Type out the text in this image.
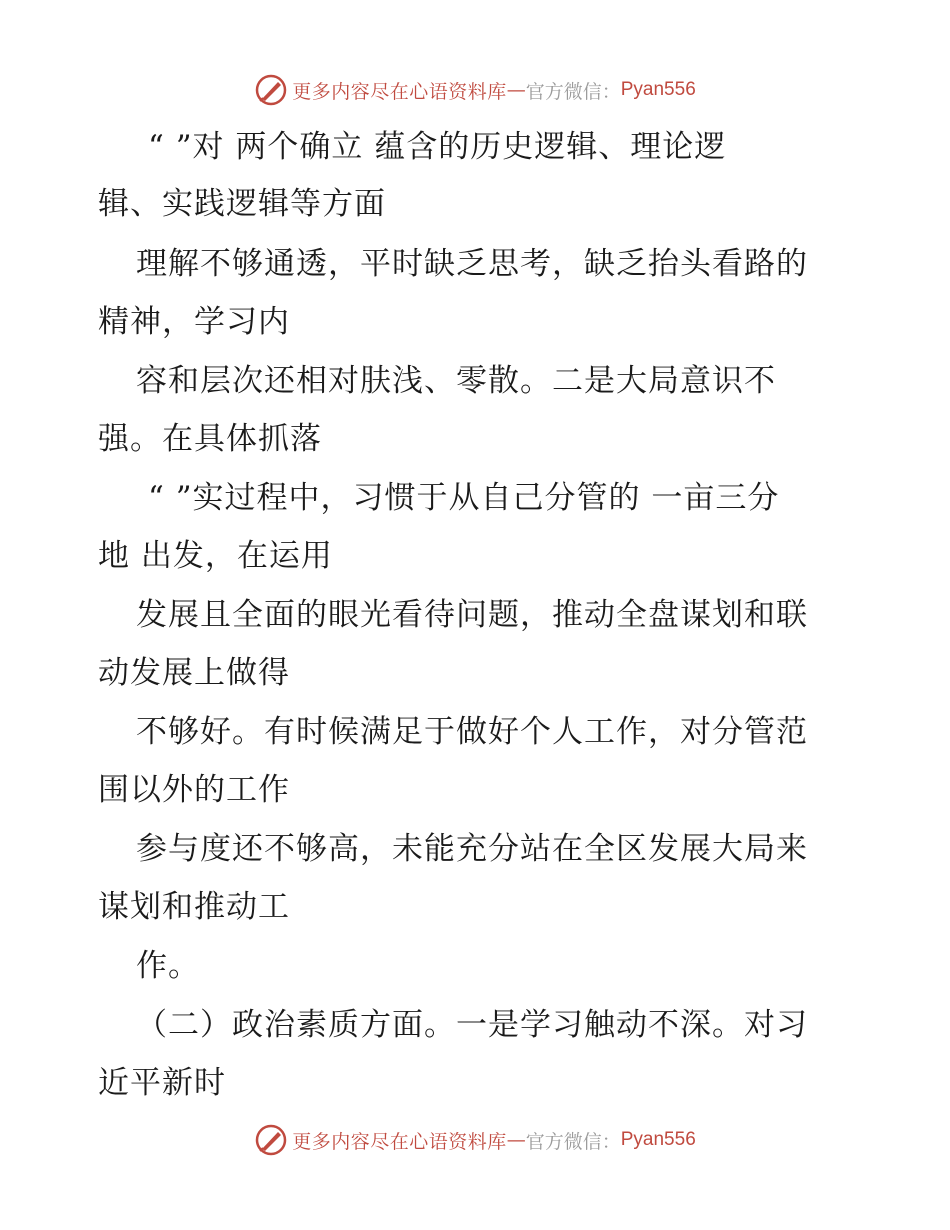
更多内容尽在心语资料库 — 官方微信： Pyan556
“ ”对 两个确立 蕴含的历史逻辑、理论逻
辑、实践逻辑等方面
理解不够通透，平时缺乏思考，缺乏抬头看路的
精神，学习内
容和层次还相对肤浅、零散。二是大局意识不
强。在具体抓落
“ ”实过程中，习惯于从自己分管的 一亩三分
地 出发，在运用
发展且全面的眼光看待问题，推动全盘谋划和联
动发展上做得
不够好。有时候满足于做好个人工作，对分管范
围以外的工作
参与度还不够高，未能充分站在全区发展大局来
谋划和推动工
作。
（二）政治素质方面。一是学习触动不深。对习
近平新时
更多内容尽在心语资料库 — 官方微信： Pyan556
